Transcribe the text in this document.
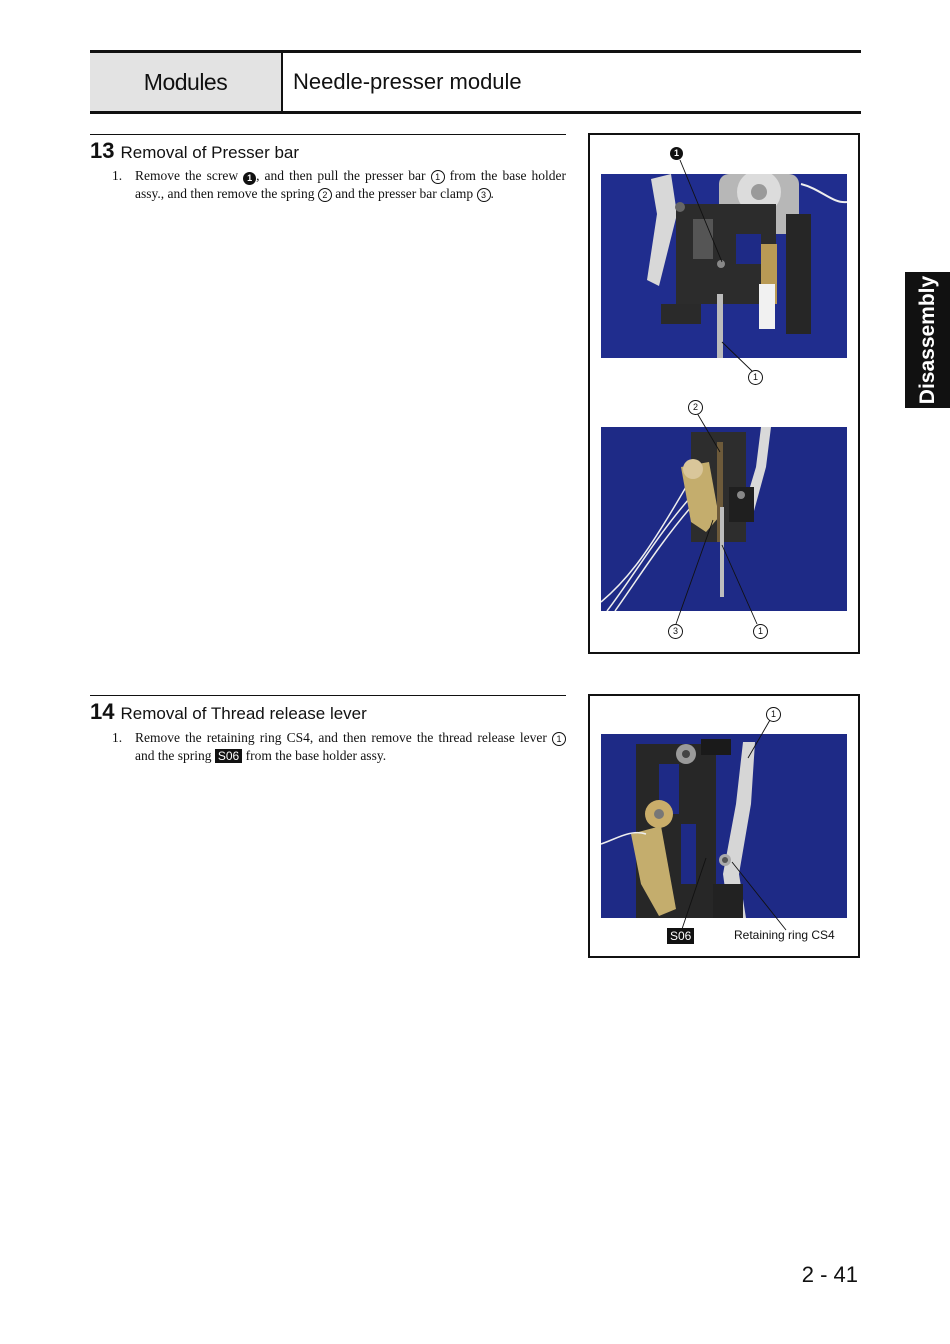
Modules	Needle-presser module
Disassembly
13 Removal of Presser bar
1. Remove the screw 1 , and then pull the presser bar 1 from the base holder assy., and then remove the spring 2 and the presser bar clamp 3 .
14 Removal of Thread release lever
1. Remove the retaining ring CS4, and then remove the thread release lever 1 and the spring S06 from the base holder assy.
1
1
2
3	1
1
S06	Retaining ring CS4
2 - 41
